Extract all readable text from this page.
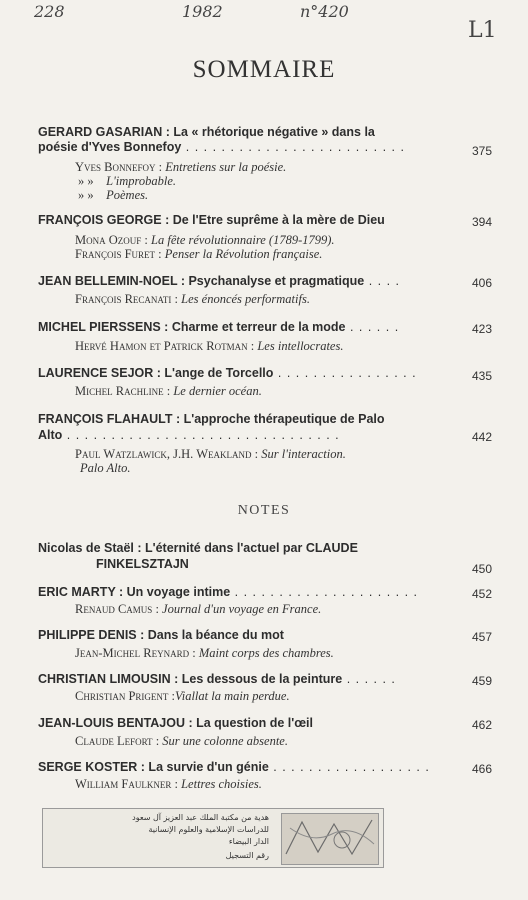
228	1982	n°420
L1
SOMMAIRE
GERARD GASARIAN : La « rhétorique négative » dans la
poésie d'Yves Bonnefoy . . . . . . . . . . . . . . . . . . . . . . . . .	375
Yves Bonnefoy : Entretiens sur la poésie.
» » L'improbable.
» » Poèmes.
FRANÇOIS GEORGE : De l'Etre suprême à la mère de Dieu	394
Mona Ozouf : La fête révolutionnaire (1789-1799).
François Furet : Penser la Révolution française.
JEAN BELLEMIN-NOEL : Psychanalyse et pragmatique . . . .	406
François Recanati : Les énoncés performatifs.
MICHEL PIERSSENS : Charme et terreur de la mode . . . . . .	423
Hervé Hamon et Patrick Rotman : Les intellocrates.
LAURENCE SEJOR : L'ange de Torcello . . . . . . . . . . . . . . . .	435
Michel Rachline : Le dernier océan.
FRANÇOIS FLAHAULT : L'approche thérapeutique de Palo
Alto . . . . . . . . . . . . . . . . . . . . . . . . . . . . . . .	442
Paul Watzlawick, J.H. Weakland : Sur l'interaction.
Palo Alto.
NOTES
Nicolas de Staël : L'éternité dans l'actuel par CLAUDE
FINKELSZTAJN	450
ERIC MARTY : Un voyage intime . . . . . . . . . . . . . . . . . . . . .	452
Renaud Camus : Journal d'un voyage en France.
PHILIPPE DENIS : Dans la béance du mot	457
Jean-Michel Reynard : Maint corps des chambres.
CHRISTIAN LIMOUSIN : Les dessous de la peinture . . . . . .	459
Christian Prigent :Viallat la main perdue.
JEAN-LOUIS BENTAJOU : La question de l'œil	462
Claude Lefort : Sur une colonne absente.
SERGE KOSTER : La survie d'un génie . . . . . . . . . . . . . . . . . .	466
William Faulkner : Lettres choisies.
هدية من مكتبة الملك عبد العزيز آل سعود
للدراسات الإسلامية والعلوم الإنسانية
الدار البيضاء
رقم التسجيل
